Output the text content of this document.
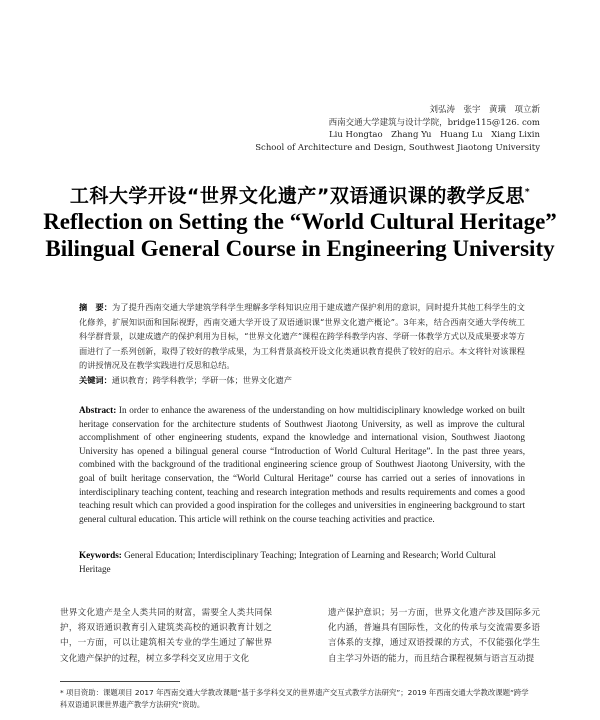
刘弘涛　张宇　黄璜　项立新
西南交通大学建筑与设计学院，bridge115@126. com
Liu Hongtao　Zhang Yu　Huang Lu　Xiang Lixin
School of Architecture and Design, Southwest Jiaotong University
工科大学开设“世界文化遗产”双语通识课的教学反思*
Reflection on Setting the “World Cultural Heritage”
Bilingual General Course in Engineering University
摘　要：为了提升西南交通大学建筑学科学生理解多学科知识应用于建成遗产保护利用的意识，同时提升其他工科学生的文化修养，扩展知识面和国际视野，西南交通大学开设了双语通识课“世界文化遗产概论”。3年来，结合西南交通大学传统工科学群背景，以建成遗产的保护利用为目标，“世界文化遗产”课程在跨学科教学内容、学研一体教学方式以及成果要求等方面进行了一系列创新，取得了较好的教学成果，为工科背景高校开设文化类通识教育提供了较好的启示。本文将针对该课程的讲授情况及在教学实践进行反思和总结。
关键词：通识教育；跨学科教学；学研一体；世界文化遗产
Abstract: In order to enhance the awareness of the understanding on how multidisciplinary knowledge worked on built heritage conservation for the architecture students of Southwest Jiaotong University, as well as improve the cultural accomplishment of other engineering students, expand the knowledge and international vision, Southwest Jiaotong University has opened a bilingual general course “Introduction of World Cultural Heritage”. In the past three years, combined with the background of the traditional engineering science group of Southwest Jiaotong University, with the goal of built heritage conservation, the “World Cultural Heritage” course has carried out a series of innovations in interdisciplinary teaching content, teaching and research integration methods and results requirements and comes a good teaching result which can provided a good inspiration for the colleges and universities in engineering background to start general cultural education. This article will rethink on the course teaching activities and practice.
Keywords: General Education; Interdisciplinary Teaching; Integration of Learning and Research; World Cultural Heritage
世界文化遗产是全人类共同的财富，需要全人类共同保护，将双语通识教育引入建筑类高校的通识教育计划之中，一方面，可以让建筑相关专业的学生通过了解世界文化遗产保护的过程，树立多学科交叉应用于文化
遗产保护意识；另一方面，世界文化遗产涉及国际多元化内涵，普遍具有国际性，文化的传承与交流需要多语言体系的支撑，通过双语授课的方式，不仅能强化学生自主学习外语的能力，而且结合课程视频与语言互动提
* 项目资助：课题项目 2017 年西南交通大学教改课题“基于多学科交叉的世界遗产交互式教学方法研究”；2019 年西南交通大学教改课题“跨学科双语通识课世界遗产教学方法研究”资助。
